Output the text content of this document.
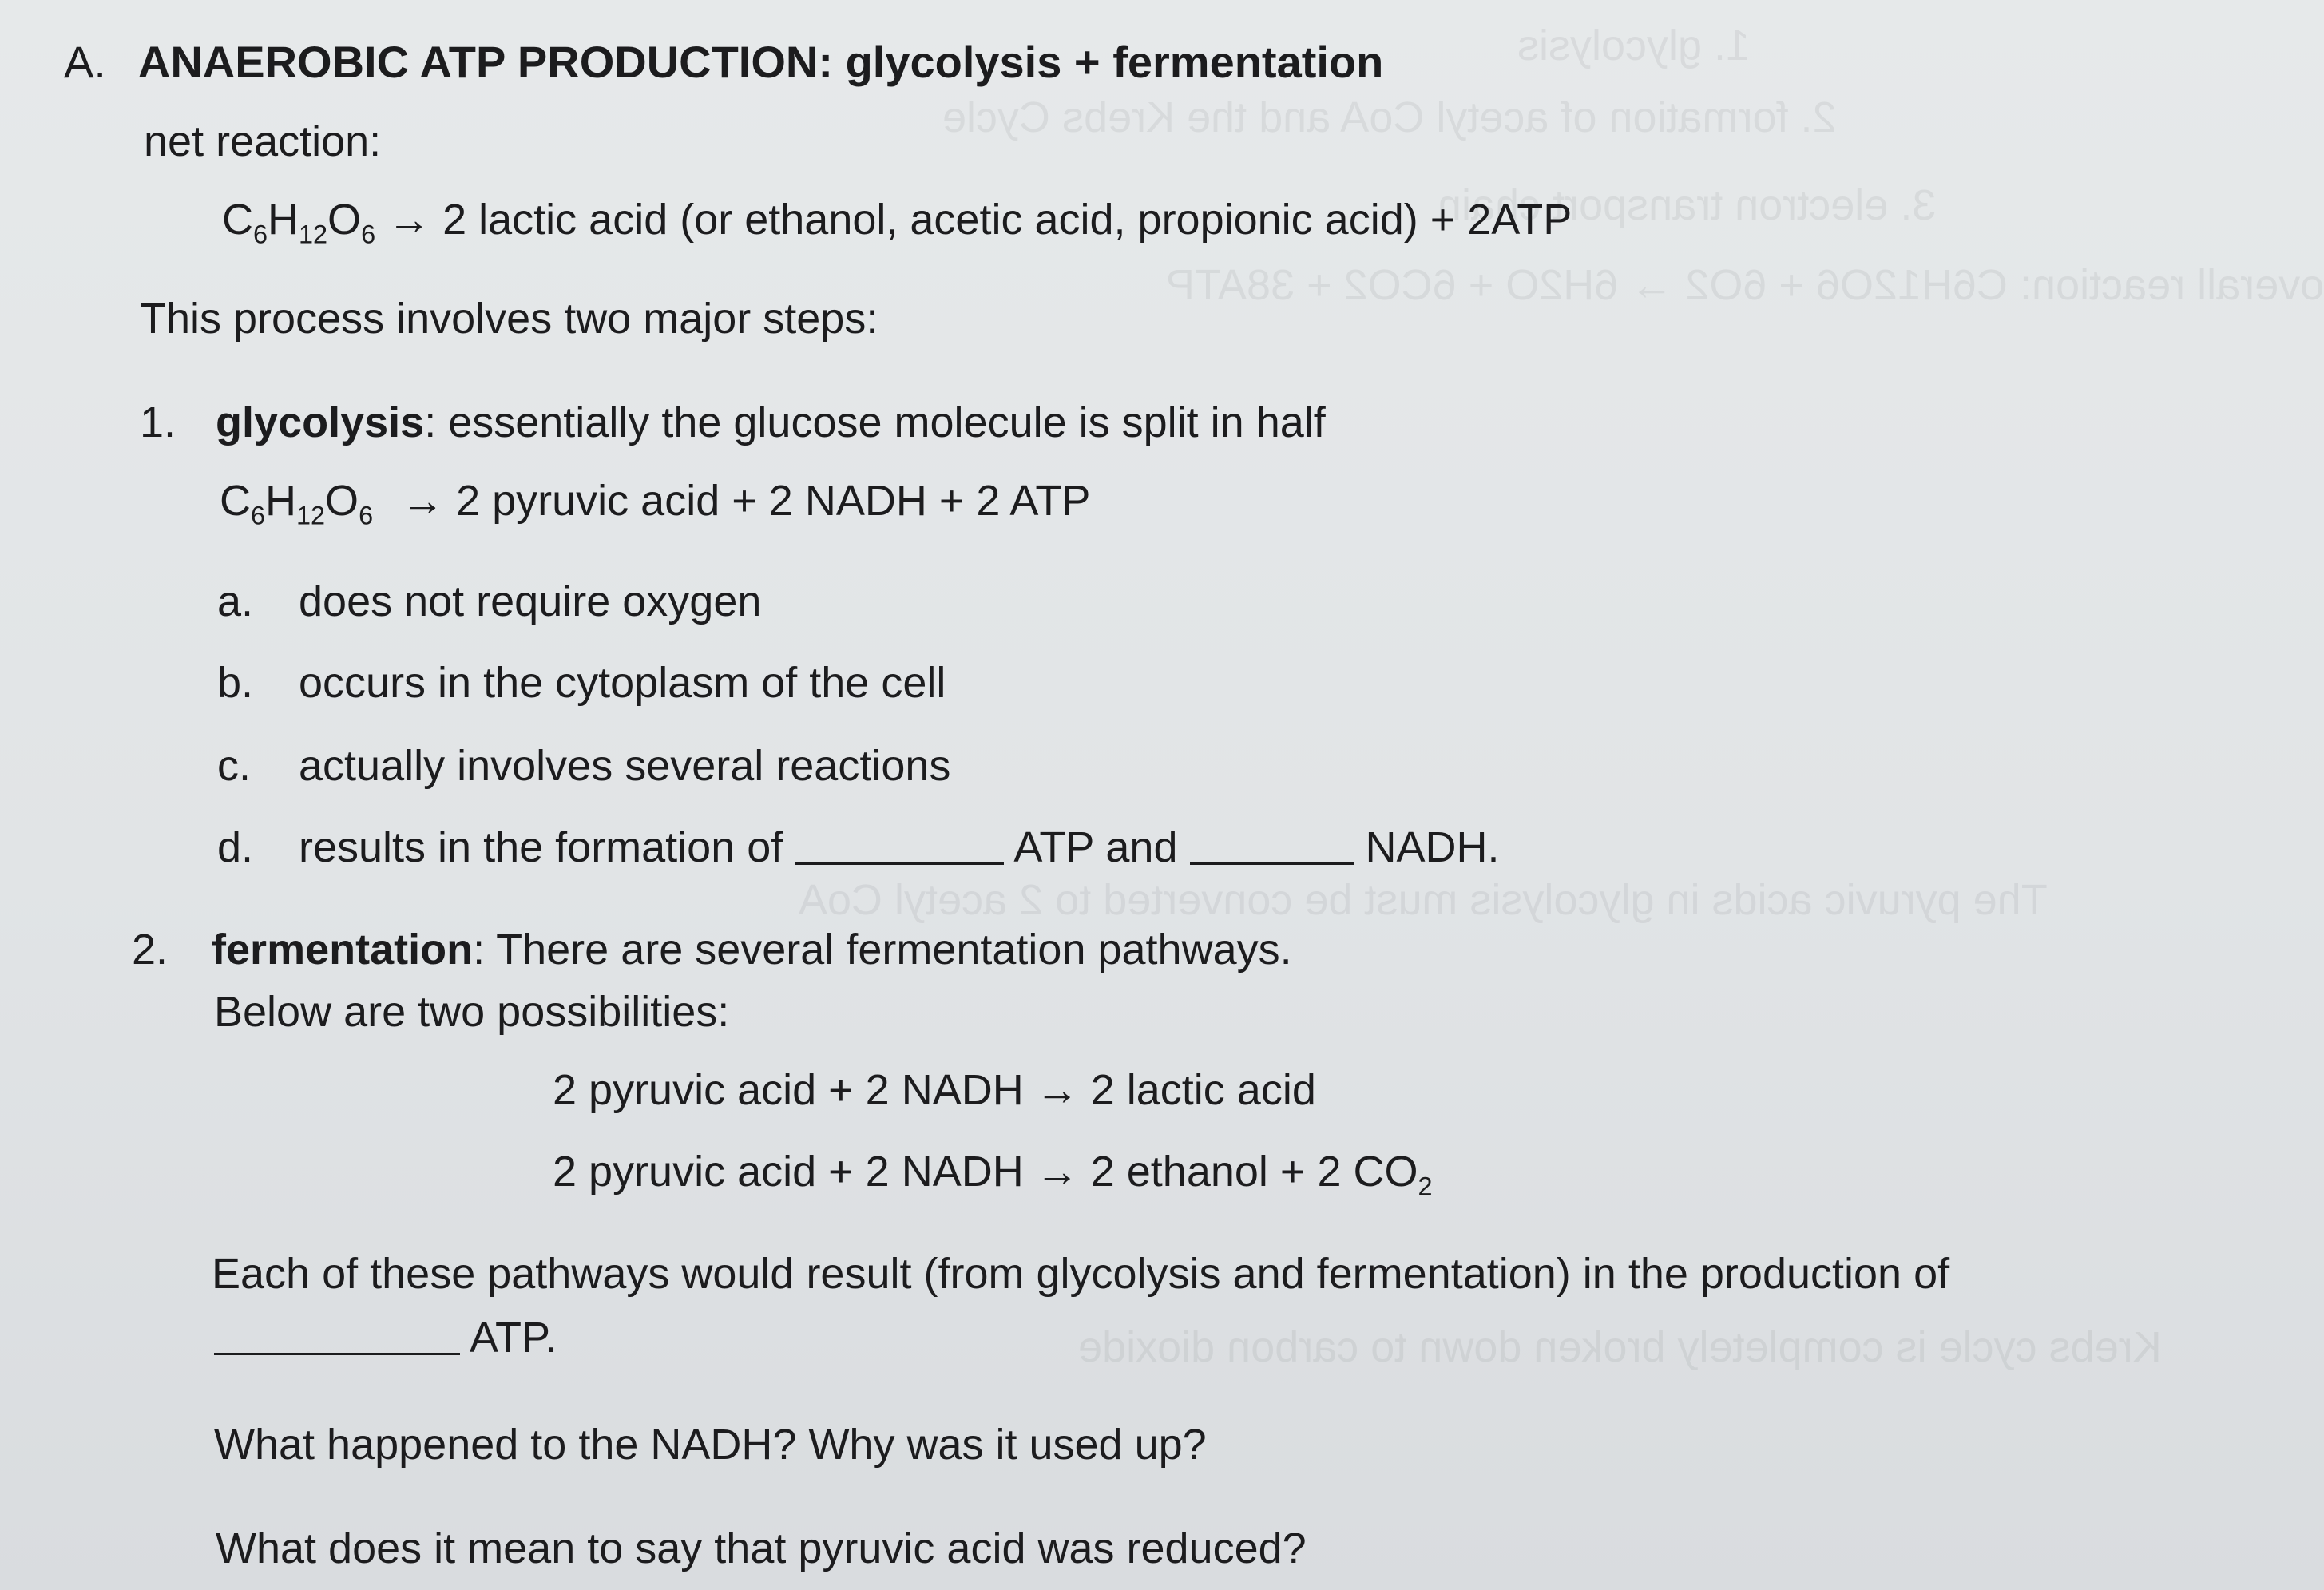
1. glycolysis
2. formation of acetyl CoA and the Krebs Cycle
3. electron transport chain
overall reaction: C6H12O6 + 6O2 → 6H2O + 6CO2 + 38ATP
The pyruvic acids in glycolysis must be converted to 2 acetyl CoA
Krebs cycle is completely broken down to carbon dioxide
A. ANAEROBIC ATP PRODUCTION: glycolysis + fermentation
net reaction:
$C_6H_{12}O_6 \to 2$ lactic acid (or ethanol, acetic acid, propionic acid) + 2ATP
This process involves two major steps:
1. glycolysis: essentially the glucose molecule is split in half
$C_6H_{12}O_6 \to 2$ pyruvic acid + 2 NADH + 2 ATP
a. does not require oxygen
b. occurs in the cytoplasm of the cell
c. actually involves several reactions
d. results in the formation of	ATP and	NADH.
2. fermentation: There are several fermentation pathways.
Below are two possibilities:
2 pyruvic acid + 2 NADH → 2 lactic acid
2 pyruvic acid + 2 NADH → 2 ethanol + 2 $CO_2$
Each of these pathways would result (from glycolysis and fermentation) in the production of
ATP.
What happened to the NADH? Why was it used up?
What does it mean to say that pyruvic acid was reduced?
